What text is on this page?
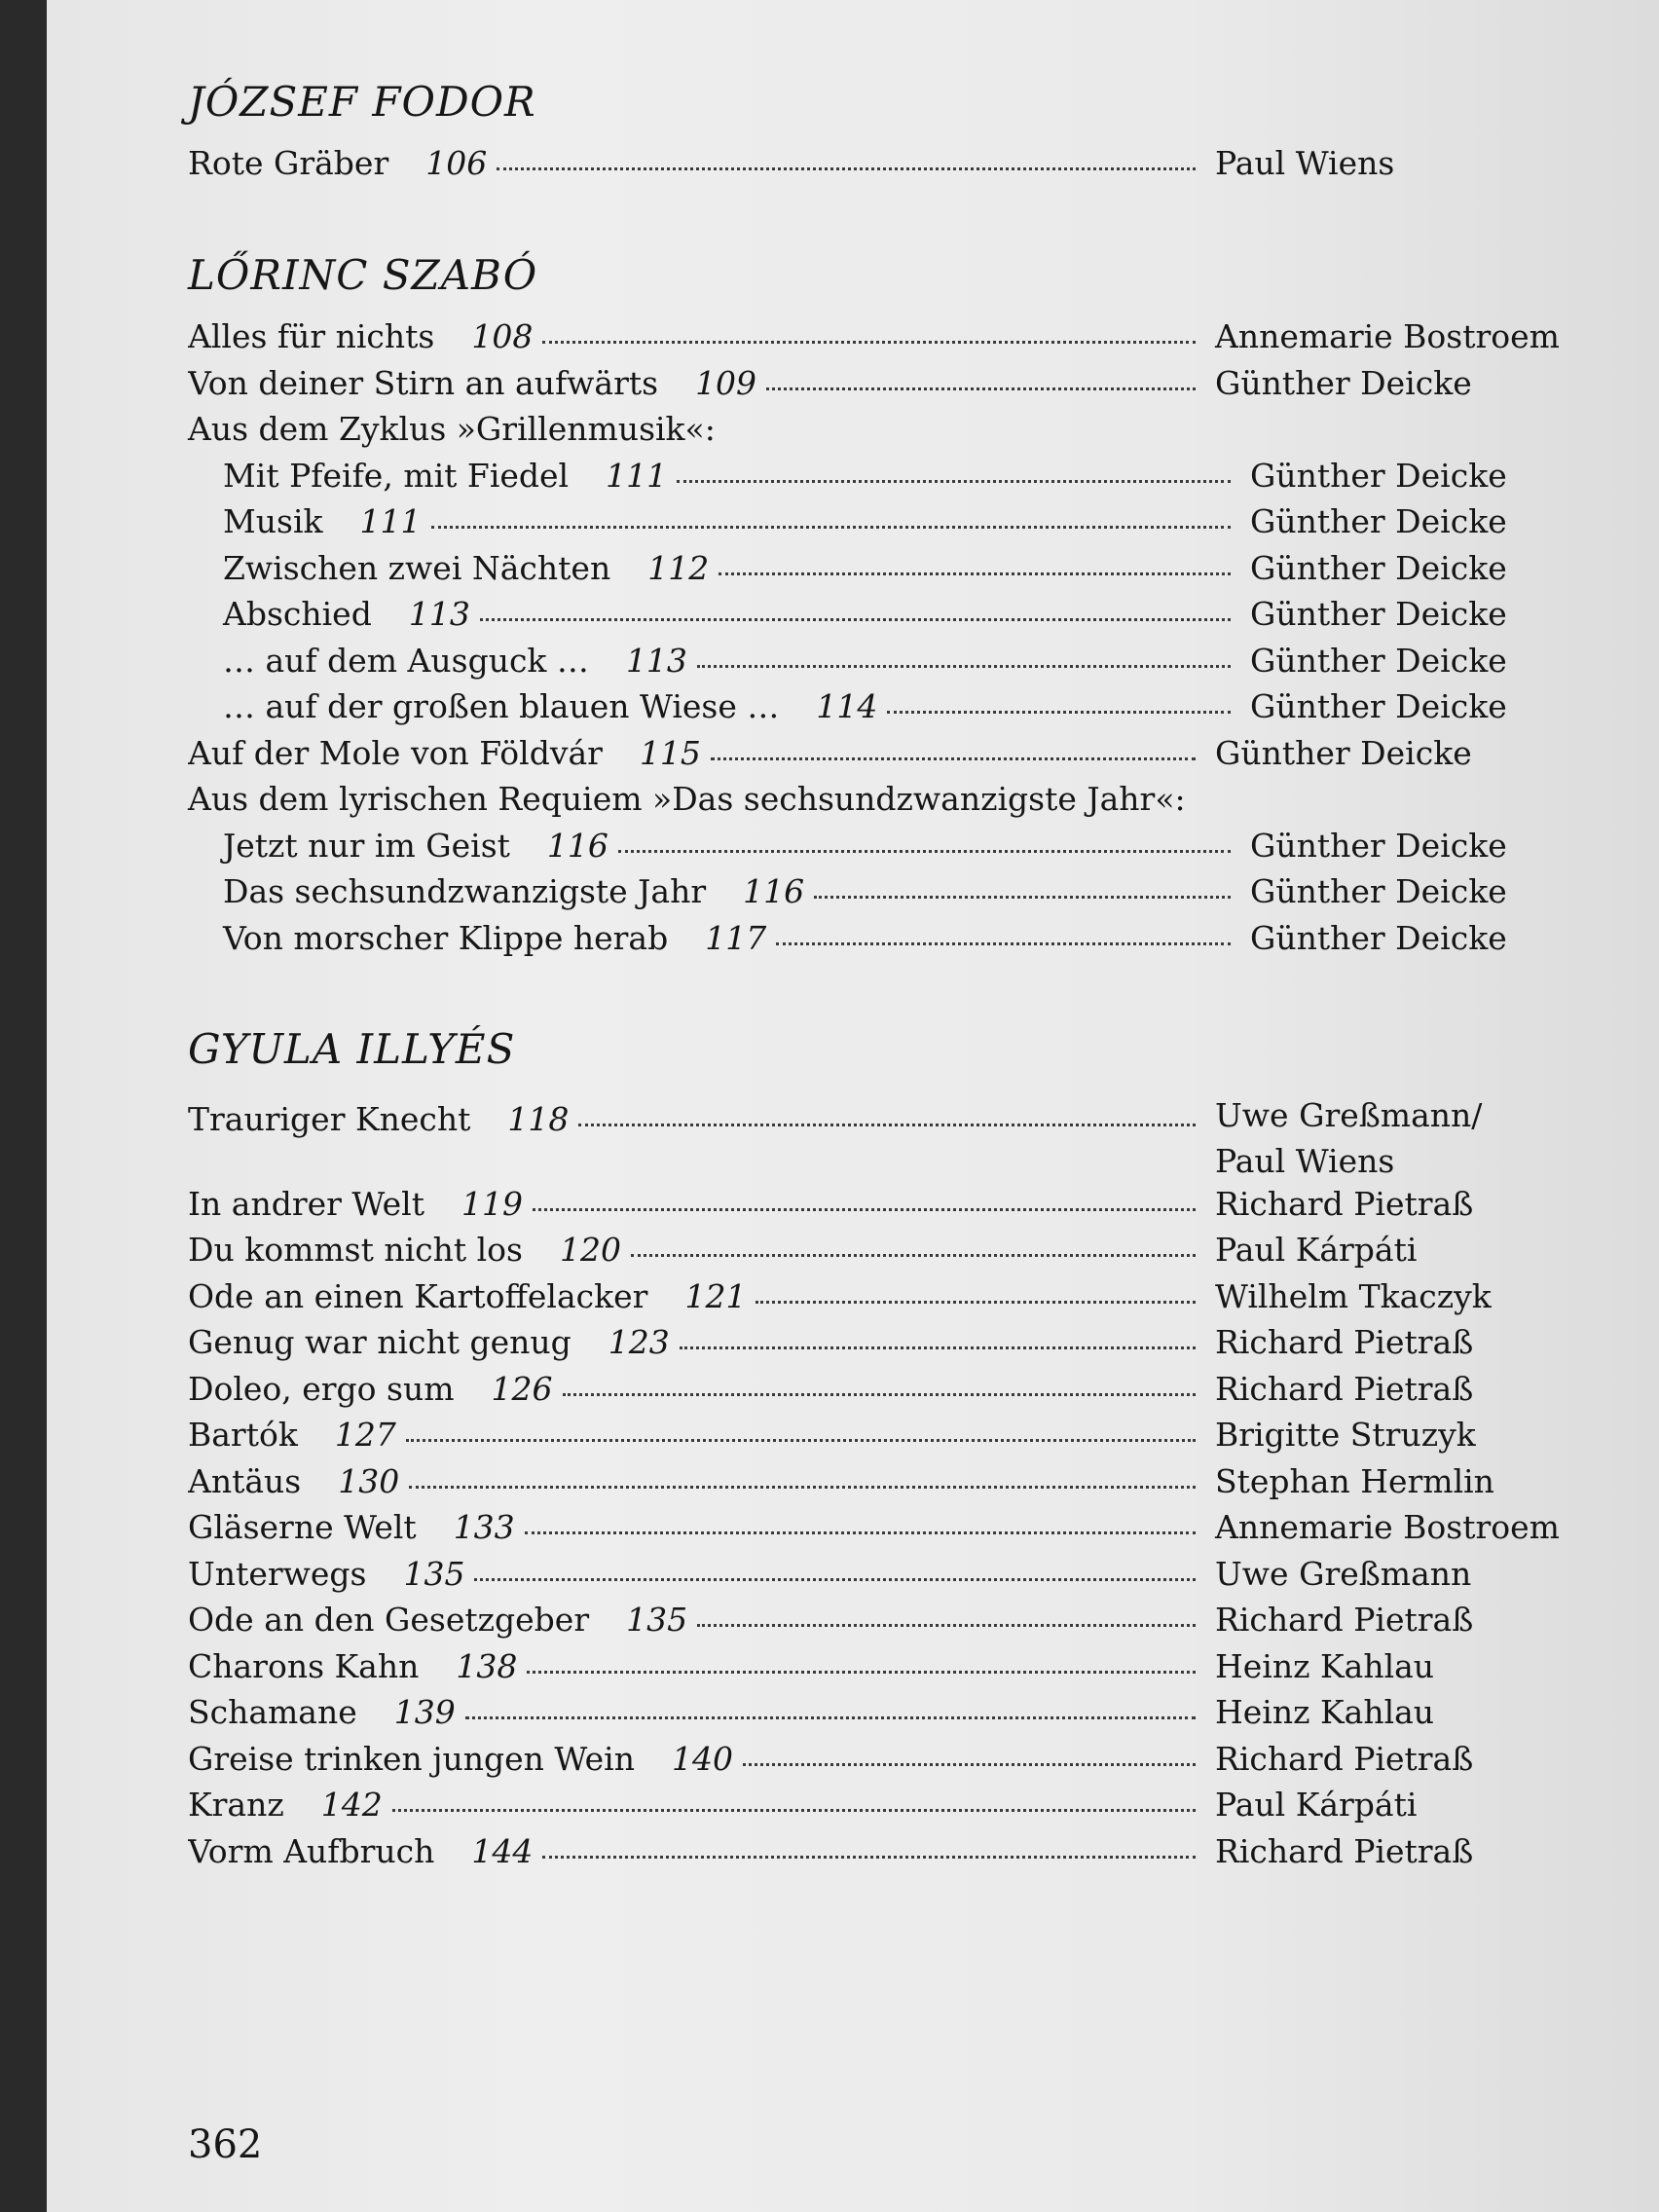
JÓZSEF FODOR
Rote Gräber 106	Paul Wiens
LŐRINC SZABÓ
Alles für nichts 108	Annemarie Bostroem
Von deiner Stirn an aufwärts 109	Günther Deicke
Aus dem Zyklus »Grillenmusik«:
Mit Pfeife, mit Fiedel 111	Günther Deicke
Musik 111	Günther Deicke
Zwischen zwei Nächten 112	Günther Deicke
Abschied 113	Günther Deicke
… auf dem Ausguck … 113	Günther Deicke
… auf der großen blauen Wiese … 114	Günther Deicke
Auf der Mole von Földvár 115	Günther Deicke
Aus dem lyrischen Requiem »Das sechsundzwanzigste Jahr«:
Jetzt nur im Geist 116	Günther Deicke
Das sechsundzwanzigste Jahr 116	Günther Deicke
Von morscher Klippe herab 117	Günther Deicke
GYULA ILLYÉS
Trauriger Knecht 118	Uwe Greßmann/
Paul Wiens
In andrer Welt 119	Richard Pietraß
Du kommst nicht los 120	Paul Kárpáti
Ode an einen Kartoffelacker 121	Wilhelm Tkaczyk
Genug war nicht genug 123	Richard Pietraß
Doleo, ergo sum 126	Richard Pietraß
Bartók 127	Brigitte Struzyk
Antäus 130	Stephan Hermlin
Gläserne Welt 133	Annemarie Bostroem
Unterwegs 135	Uwe Greßmann
Ode an den Gesetzgeber 135	Richard Pietraß
Charons Kahn 138	Heinz Kahlau
Schamane 139	Heinz Kahlau
Greise trinken jungen Wein 140	Richard Pietraß
Kranz 142	Paul Kárpáti
Vorm Aufbruch 144	Richard Pietraß
362
